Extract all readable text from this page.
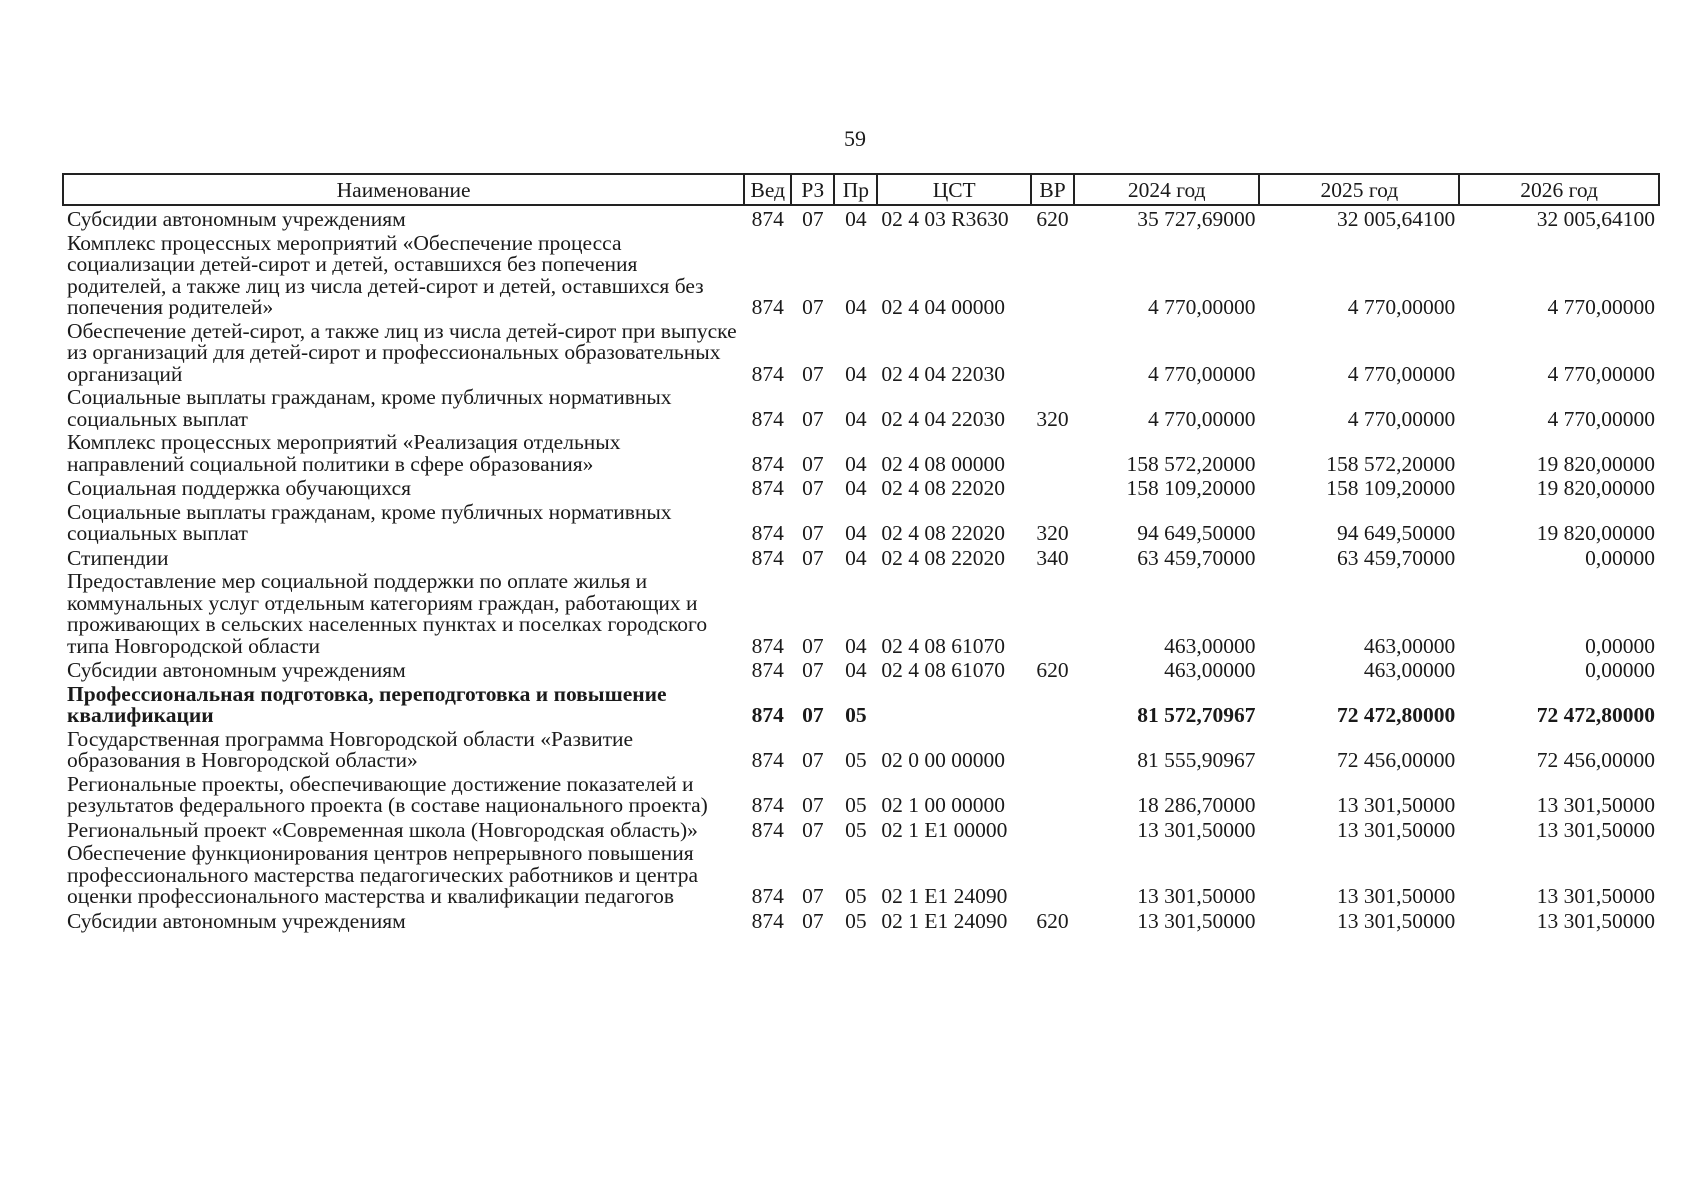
59
Наименование	Вед	РЗ	Пр	ЦСТ	ВР	2024 год	2025 год	2026 год
Субсидии автономным учреждениям	874	07	04	02 4 03 R3630	620	35 727,69000	32 005,64100	32 005,64100
Комплекс процессных мероприятий «Обеспечение процесса социализации детей-сирот и детей, оставшихся без попечения родителей, а также лиц из числа детей-сирот и детей, оставшихся без попечения родителей»	874	07	04	02 4 04 00000		4 770,00000	4 770,00000	4 770,00000
Обеспечение детей-сирот, а также лиц из числа детей-сирот при выпуске из организаций для детей-сирот и профессиональных образовательных организаций	874	07	04	02 4 04 22030		4 770,00000	4 770,00000	4 770,00000
Социальные выплаты гражданам, кроме публичных нормативных социальных выплат	874	07	04	02 4 04 22030	320	4 770,00000	4 770,00000	4 770,00000
Комплекс процессных мероприятий «Реализация отдельных направлений социальной политики в сфере образования»	874	07	04	02 4 08 00000		158 572,20000	158 572,20000	19 820,00000
Социальная поддержка обучающихся	874	07	04	02 4 08 22020		158 109,20000	158 109,20000	19 820,00000
Социальные выплаты гражданам, кроме публичных нормативных социальных выплат	874	07	04	02 4 08 22020	320	94 649,50000	94 649,50000	19 820,00000
Стипендии	874	07	04	02 4 08 22020	340	63 459,70000	63 459,70000	0,00000
Предоставление мер социальной поддержки по оплате жилья и коммунальных услуг отдельным категориям граждан, работающих и проживающих в сельских населенных пунктах и поселках городского типа Новгородской области	874	07	04	02 4 08 61070		463,00000	463,00000	0,00000
Субсидии автономным учреждениям	874	07	04	02 4 08 61070	620	463,00000	463,00000	0,00000
Профессиональная подготовка, переподготовка и повышение квалификации	874	07	05			81 572,70967	72 472,80000	72 472,80000
Государственная программа Новгородской области «Развитие образования в Новгородской области»	874	07	05	02 0 00 00000		81 555,90967	72 456,00000	72 456,00000
Региональные проекты, обеспечивающие достижение показателей и результатов федерального проекта (в составе национального проекта)	874	07	05	02 1 00 00000		18 286,70000	13 301,50000	13 301,50000
Региональный проект «Современная школа (Новгородская область)»	874	07	05	02 1 E1 00000		13 301,50000	13 301,50000	13 301,50000
Обеспечение функционирования центров непрерывного повышения профессионального мастерства педагогических работников и центра оценки профессионального мастерства и квалификации педагогов	874	07	05	02 1 E1 24090		13 301,50000	13 301,50000	13 301,50000
Субсидии автономным учреждениям	874	07	05	02 1 E1 24090	620	13 301,50000	13 301,50000	13 301,50000
